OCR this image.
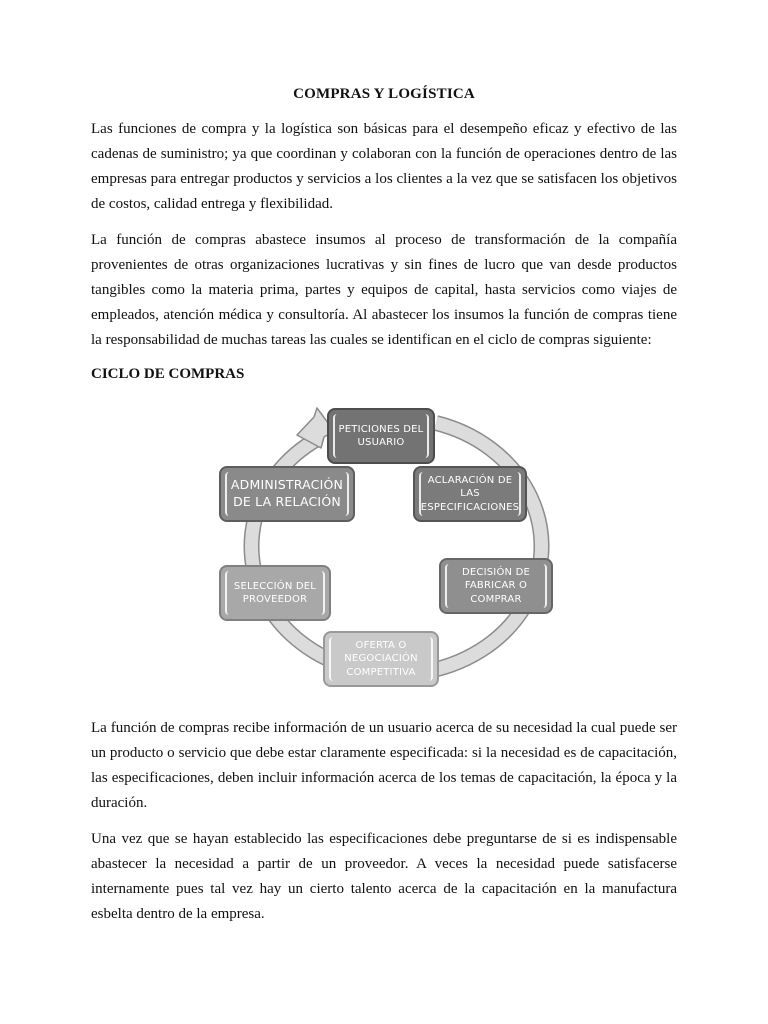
COMPRAS Y LOGÍSTICA

Las funciones de compra y la logística son básicas para el desempeño eficaz y efectivo de las cadenas de suministro; ya que coordinan y colaboran con la función de operaciones dentro de las empresas para entregar productos y servicios a los clientes a la vez que se satisfacen los objetivos de costos, calidad entrega y flexibilidad.

La función de compras abastece insumos al proceso de transformación de la compañía provenientes de otras organizaciones lucrativas y sin fines de lucro que van desde productos tangibles como la materia prima, partes y equipos de capital, hasta servicios como viajes de empleados, atención médica y consultoría. Al abastecer los insumos la función de compras tiene la responsabilidad de muchas tareas las cuales se identifican en el ciclo de compras siguiente:

CICLO DE COMPRAS
PETICIONES DEL
USUARIO
ACLARACIÓN DE
LAS
ESPECIFICACIONES
DECISIÓN DE
FABRICAR O
COMPRAR
OFERTA O
NEGOCIACIÓN
COMPETITIVA
SELECCIÓN DEL
PROVEEDOR
ADMINISTRACIÓN
DE LA RELACIÓN

La función de compras recibe información de un usuario acerca de su necesidad la cual puede ser un producto o servicio que debe estar claramente especificada: si la necesidad es de capacitación, las especificaciones, deben incluir información acerca de los temas de capacitación, la época y la duración.

Una vez que se hayan establecido las especificaciones debe preguntarse de si es indispensable abastecer la necesidad a partir de un proveedor. A veces la necesidad puede satisfacerse internamente pues tal vez hay un cierto talento acerca de la capacitación en la manufactura esbelta dentro de la empresa.
